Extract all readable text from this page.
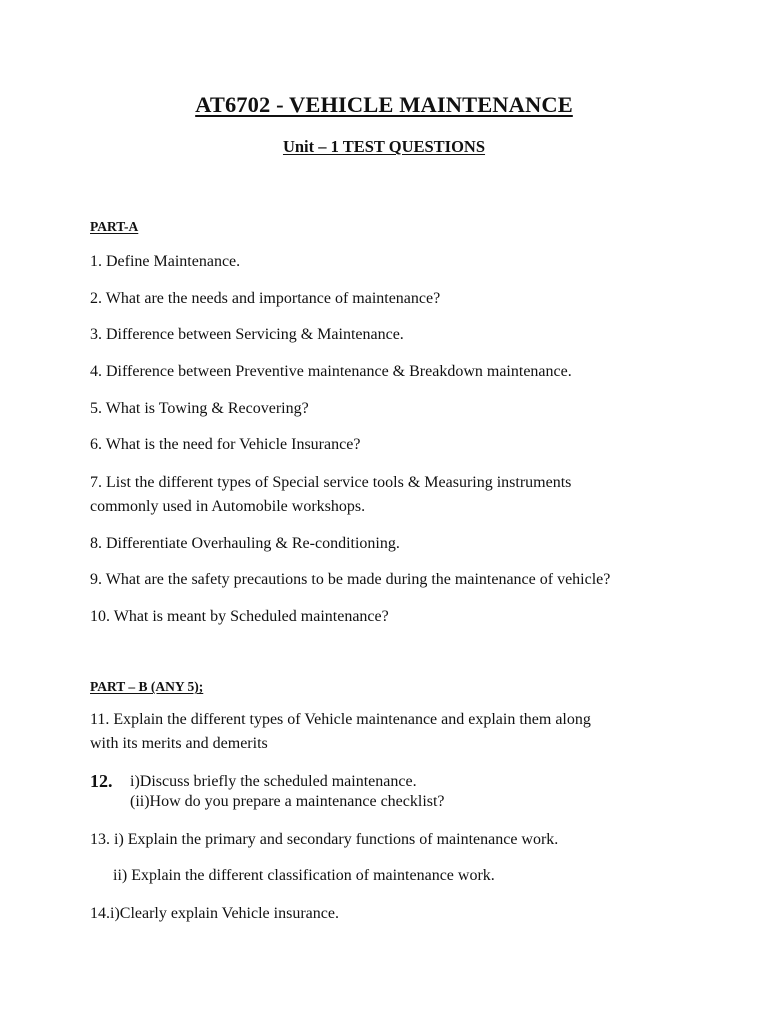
AT6702 - VEHICLE MAINTENANCE
Unit – 1 TEST QUESTIONS
PART-A
1. Define Maintenance.
2. What are the needs and importance of maintenance?
3. Difference between Servicing & Maintenance.
4. Difference between Preventive maintenance & Breakdown maintenance.
5. What is Towing & Recovering?
6. What is the need for Vehicle Insurance?
7. List the different types of Special service tools & Measuring instruments
commonly used in Automobile workshops.
8. Differentiate Overhauling & Re-conditioning.
9. What are the safety precautions to be made during the maintenance of vehicle?
10. What is meant by Scheduled maintenance?
PART – B (ANY 5);
11. Explain the different types of Vehicle maintenance and explain them along
with its merits and demerits
12. i)Discuss briefly the scheduled maintenance.
(ii)How do you prepare a maintenance checklist?
13. i) Explain the primary and secondary functions of maintenance work.
ii) Explain the different classification of maintenance work.
14.i)Clearly explain Vehicle insurance.
